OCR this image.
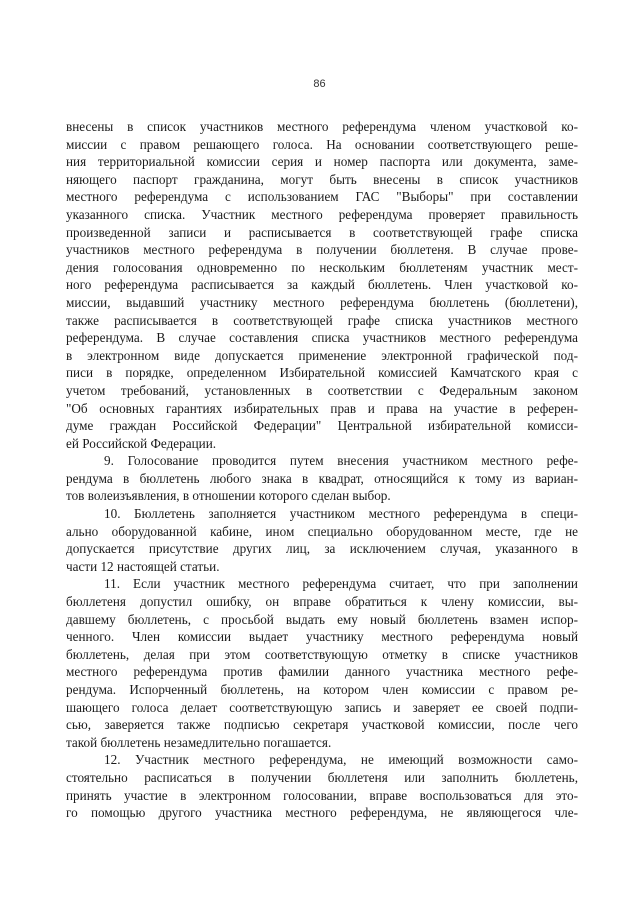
86
внесены в список участников местного референдума членом участковой ко-
миссии с правом решающего голоса. На основании соответствующего реше-
ния территориальной комиссии серия и номер паспорта или документа, заме-
няющего паспорт гражданина, могут быть внесены в список участников
местного референдума с использованием ГАС "Выборы" при составлении
указанного списка. Участник местного референдума проверяет правильность
произведенной записи и расписывается в соответствующей графе списка
участников местного референдума в получении бюллетеня. В случае прове-
дения голосования одновременно по нескольким бюллетеням участник мест-
ного референдума расписывается за каждый бюллетень. Член участковой ко-
миссии, выдавший участнику местного референдума бюллетень (бюллетени),
также расписывается в соответствующей графе списка участников местного
референдума. В случае составления списка участников местного референдума
в электронном виде допускается применение электронной графической под-
писи в порядке, определенном Избирательной комиссией Камчатского края с
учетом требований, установленных в соответствии с Федеральным законом
"Об основных гарантиях избирательных прав и права на участие в референ-
думе граждан Российской Федерации" Центральной избирательной комисси-
ей Российской Федерации.
9. Голосование проводится путем внесения участником местного рефе-
рендума в бюллетень любого знака в квадрат, относящийся к тому из вариан-
тов волеизъявления, в отношении которого сделан выбор.
10. Бюллетень заполняется участником местного референдума в специ-
ально оборудованной кабине, ином специально оборудованном месте, где не
допускается присутствие других лиц, за исключением случая, указанного в
части 12 настоящей статьи.
11. Если участник местного референдума считает, что при заполнении
бюллетеня допустил ошибку, он вправе обратиться к члену комиссии, вы-
давшему бюллетень, с просьбой выдать ему новый бюллетень взамен испор-
ченного. Член комиссии выдает участнику местного референдума новый
бюллетень, делая при этом соответствующую отметку в списке участников
местного референдума против фамилии данного участника местного рефе-
рендума. Испорченный бюллетень, на котором член комиссии с правом ре-
шающего голоса делает соответствующую запись и заверяет ее своей подпи-
сью, заверяется также подписью секретаря участковой комиссии, после чего
такой бюллетень незамедлительно погашается.
12. Участник местного референдума, не имеющий возможности само-
стоятельно расписаться в получении бюллетеня или заполнить бюллетень,
принять участие в электронном голосовании, вправе воспользоваться для это-
го помощью другого участника местного референдума, не являющегося чле-
